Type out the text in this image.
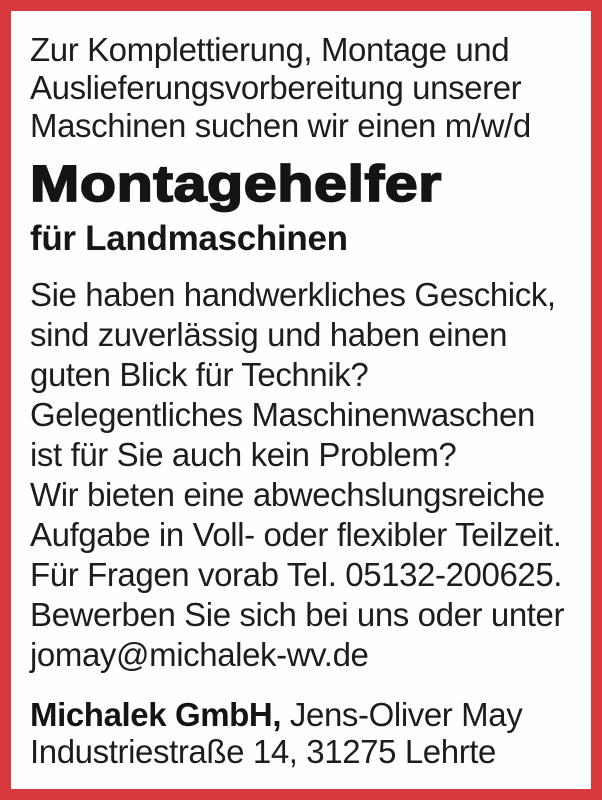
Zur Komplettierung, Montage und
Auslieferungsvorbereitung unserer
Maschinen suchen wir einen m/w/d

Montagehelfer
für Landmaschinen

Sie haben handwerkliches Geschick,
sind zuverlässig und haben einen
guten Blick für Technik?
Gelegentliches Maschinenwaschen
ist für Sie auch kein Problem?
Wir bieten eine abwechslungsreiche
Aufgabe in Voll- oder flexibler Teilzeit.
Für Fragen vorab Tel. 05132-200625.
Bewerben Sie sich bei uns oder unter
jomay@michalek-wv.de

Michalek GmbH, Jens-Oliver May
Industriestraße 14, 31275 Lehrte
